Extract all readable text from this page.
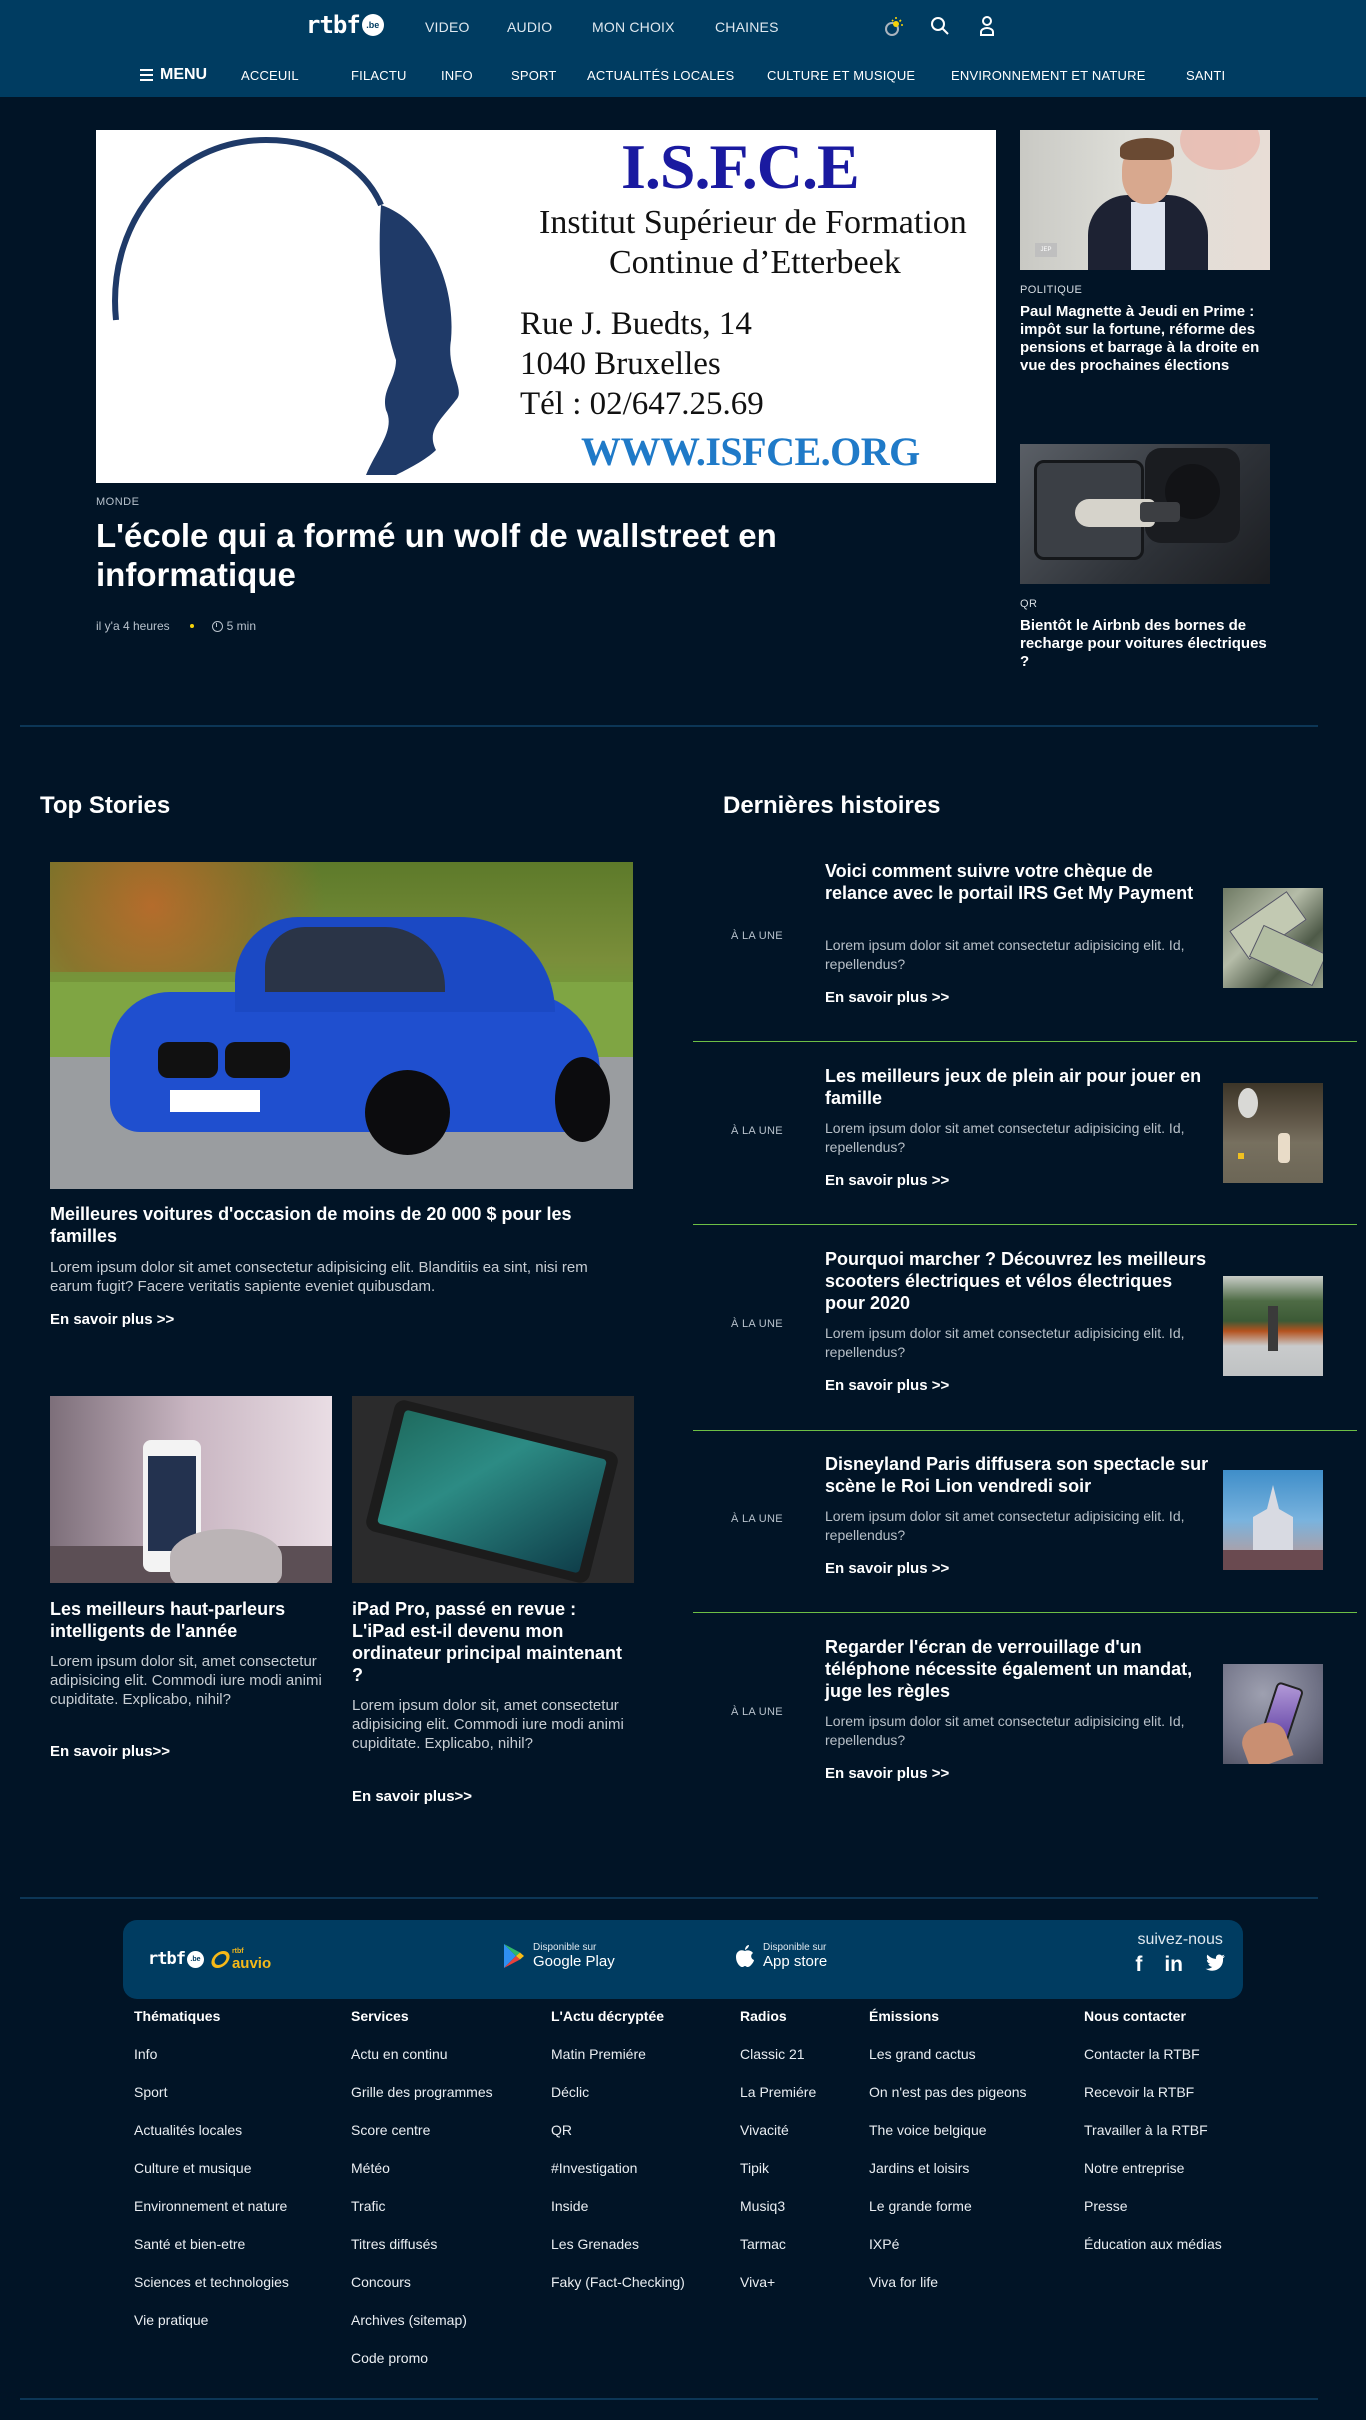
rtbf .be	VIDEO	AUDIO	MON CHOIX	CHAINES
MENU	ACCEUIL	FILACTU	INFO	SPORT ACTUALITÉS LOCALES	CULTURE ET MUSIQUE	ENVIRONNEMENT ET NATURE	SANTI
I.S.F.C.E
Institut Supérieur de Formation
Continue d’Etterbeek
Rue J. Buedts, 14
1040 Bruxelles
Tél : 02/647.25.69
WWW.ISFCE.ORG
MONDE
L'école qui a formé un wolf de wallstreet en informatique
il y'a 4 heures	5 min
JEP
POLITIQUE
Paul Magnette à Jeudi en Prime : impôt sur la fortune, réforme des pensions et barrage à la droite en vue des prochaines élections
QR
Bientôt le Airbnb des bornes de recharge pour voitures électriques ?
Top Stories
Meilleures voitures d'occasion de moins de 20 000 $ pour les familles

Lorem ipsum dolor sit amet consectetur adipisicing elit. Blanditiis ea sint, nisi rem earum fugit? Facere veritatis sapiente eveniet quibusdam.

En savoir plus >>
Les meilleurs haut-parleurs intelligents de l'année

Lorem ipsum dolor sit, amet consectetur adipisicing elit. Commodi iure modi animi cupiditate. Explicabo, nihil?

En savoir plus>>
iPad Pro, passé en revue : L'iPad est-il devenu mon ordinateur principal maintenant ?

Lorem ipsum dolor sit, amet consectetur adipisicing elit. Commodi iure modi animi cupiditate. Explicabo, nihil?

En savoir plus>>
Dernières histoires
À LA UNE
Voici comment suivre votre chèque de relance avec le portail IRS Get My Payment
Lorem ipsum dolor sit amet consectetur adipisicing elit. Id, repellendus?
En savoir plus >>
À LA UNE
Les meilleurs jeux de plein air pour jouer en famille
Lorem ipsum dolor sit amet consectetur adipisicing elit. Id, repellendus?
En savoir plus >>
À LA UNE
Pourquoi marcher ? Découvrez les meilleurs scooters électriques et vélos électriques pour 2020
Lorem ipsum dolor sit amet consectetur adipisicing elit. Id, repellendus?
En savoir plus >>
À LA UNE
Disneyland Paris diffusera son spectacle sur scène le Roi Lion vendredi soir
Lorem ipsum dolor sit amet consectetur adipisicing elit. Id, repellendus?
En savoir plus >>
À LA UNE
Regarder l'écran de verrouillage d'un téléphone nécessite également un mandat, juge les règles
Lorem ipsum dolor sit amet consectetur adipisicing elit. Id, repellendus?
En savoir plus >>
rtbf .be
rtbf
auvio
Disponible sur
Google Play
Disponible sur
App store
suivez-nous
f in
Thématiques
Info
Sport
Actualités locales
Culture et musique
Environnement et nature
Santé et bien-etre
Sciences et technologies
Vie pratique
Services
Actu en continu
Grille des programmes
Score centre
Météo
Trafic
Titres diffusés
Concours
Archives (sitemap)
Code promo
L'Actu décryptée
Matin Premiére
Déclic
QR
#Investigation
Inside
Les Grenades
Faky (Fact-Checking)
Radios
Classic 21
La Premiére
Vivacité
Tipik
Musiq3
Tarmac
Viva+
Émissions
Les grand cactus
On n'est pas des pigeons
The voice belgique
Jardins et loisirs
Le grande forme
IXPé
Viva for life
Nous contacter
Contacter la RTBF
Recevoir la RTBF
Travailler à la RTBF
Notre entreprise
Presse
Éducation aux médias
